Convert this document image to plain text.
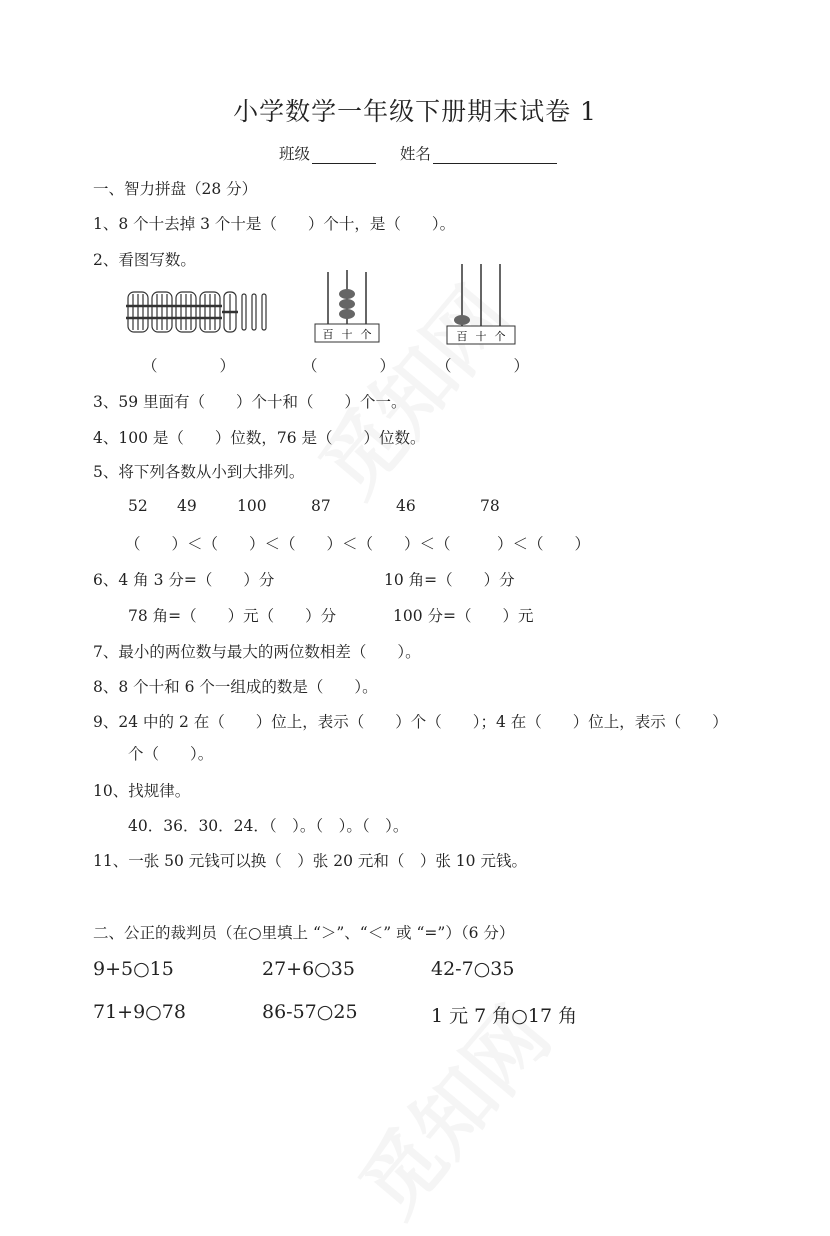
小学数学一年级下册期末试卷 1
班级	姓名
一、智力拼盘（28 分）
1、8 个十去掉 3 个十是（　　）个十，是（　　）。
2、看图写数。
百 十 个	百 十 个
（　　　　）	（　　　　）	（　　　　）
3、59 里面有（　　）个十和（　　）个一。
4、100 是（　　）位数，76 是（　　）位数。
5、将下列各数从小到大排列。
52 49	100	87	46	78
（　　）＜（　　）＜（　　）＜（　　）＜（　　　）＜（　　）
6、4 角 3 分=（　　）分	10 角=（　　）分
78 角=（　　）元（　　）分	100 分=（　　）元
7、最小的两位数与最大的两位数相差（　　）。
8、8 个十和 6 个一组成的数是（　　）。
9、24 中的 2 在（　　）位上，表示（　　）个（　　）；4 在（　　）位上，表示（　　）
个（　　）。
10、找规律。
40．36．30．24．（　）。（　）。（　）。
11、一张 50 元钱可以换（　）张 20 元和（　）张 10 元钱。
二、公正的裁判员（在○里填上 “＞”、“＜” 或 “=”）（6 分）
9+5○15	27+6○35	42-7○35
71+9○78	86-57○25	1 元 7 角○17 角
